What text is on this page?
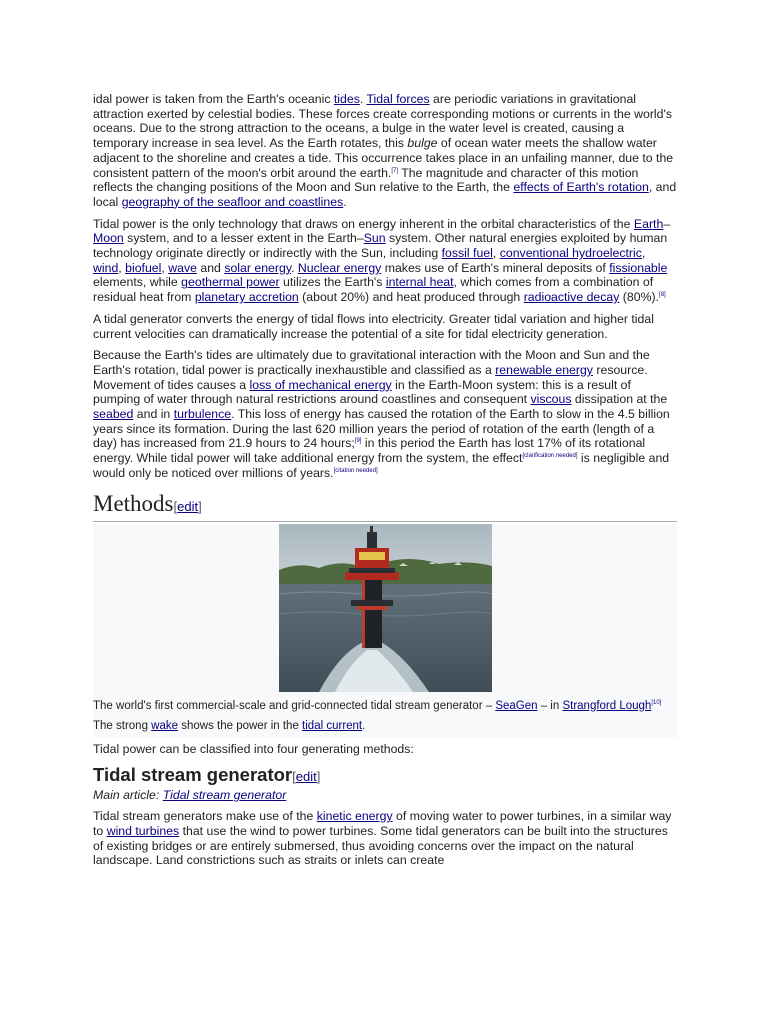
idal power is taken from the Earth's oceanic tides. Tidal forces are periodic variations in gravitational attraction exerted by celestial bodies. These forces create corresponding motions or currents in the world's oceans. Due to the strong attraction to the oceans, a bulge in the water level is created, causing a temporary increase in sea level. As the Earth rotates, this bulge of ocean water meets the shallow water adjacent to the shoreline and creates a tide. This occurrence takes place in an unfailing manner, due to the consistent pattern of the moon's orbit around the earth.[7] The magnitude and character of this motion reflects the changing positions of the Moon and Sun relative to the Earth, the effects of Earth's rotation, and local geography of the seafloor and coastlines.

Tidal power is the only technology that draws on energy inherent in the orbital characteristics of the Earth–Moon system, and to a lesser extent in the Earth–Sun system. Other natural energies exploited by human technology originate directly or indirectly with the Sun, including fossil fuel, conventional hydroelectric, wind, biofuel, wave and solar energy. Nuclear energy makes use of Earth's mineral deposits of fissionable elements, while geothermal power utilizes the Earth's internal heat, which comes from a combination of residual heat from planetary accretion (about 20%) and heat produced through radioactive decay (80%).[8]

A tidal generator converts the energy of tidal flows into electricity. Greater tidal variation and higher tidal current velocities can dramatically increase the potential of a site for tidal electricity generation.

Because the Earth's tides are ultimately due to gravitational interaction with the Moon and Sun and the Earth's rotation, tidal power is practically inexhaustible and classified as a renewable energy resource. Movement of tides causes a loss of mechanical energy in the Earth-Moon system: this is a result of pumping of water through natural restrictions around coastlines and consequent viscous dissipation at the seabed and in turbulence. This loss of energy has caused the rotation of the Earth to slow in the 4.5 billion years since its formation. During the last 620 million years the period of rotation of the earth (length of a day) has increased from 21.9 hours to 24 hours;[9] in this period the Earth has lost 17% of its rotational energy. While tidal power will take additional energy from the system, the effect[clarification needed] is negligible and would only be noticed over millions of years.[citation needed]

Methods[edit]
The world's first commercial-scale and grid-connected tidal stream generator – SeaGen – in Strangford Lough[10] The strong wake shows the power in the tidal current.

Tidal power can be classified into four generating methods:

Tidal stream generator[edit]
Main article: Tidal stream generator

Tidal stream generators make use of the kinetic energy of moving water to power turbines, in a similar way to wind turbines that use the wind to power turbines. Some tidal generators can be built into the structures of existing bridges or are entirely submersed, thus avoiding concerns over the impact on the natural landscape. Land constrictions such as straits or inlets can create
